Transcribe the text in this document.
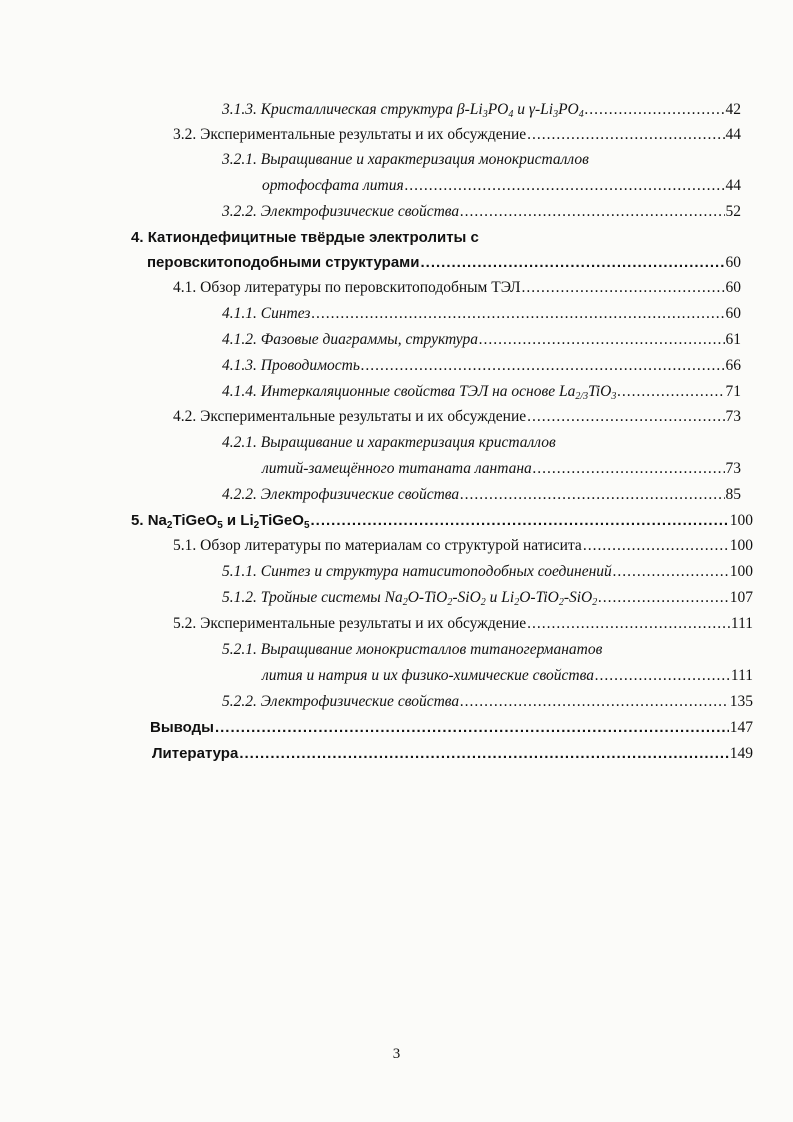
3.1.3. Кристаллическая структура $\beta-Li_3PO_4$ и $\gamma-Li_3PO_4$ .....	42
3.2. Экспериментальные результаты и их обсуждение .....	44
3.2.1. Выращивание и характеризация монокристаллов
ортофосфата лития .....	44
3.2.2. Электрофизические свойства .....	52
4. Катиондефицитные твёрдые электролиты с
перовскитоподобными структурами .....	60
4.1. Обзор литературы по перовскитоподобным ТЭЛ .....	60
4.1.1. Синтез .....	60
4.1.2. Фазовые диаграммы, структура .....	61
4.1.3. Проводимость .....	66
4.1.4. Интеркаляционные свойства ТЭЛ на основе $La_{2/3}TiO_3$ .....	71
4.2. Экспериментальные результаты и их обсуждение .....	73
4.2.1. Выращивание и характеризация кристаллов
литий-замещённого титаната лантана .....	73
4.2.2. Электрофизические свойства .....	85
5. $Na_2TiGeO_5$ и $Li_2TiGeO_5$ .....	100
5.1. Обзор литературы по материалам со структурой натисита .....	100
5.1.1. Синтез и структура натиситоподобных соединений .....	100
5.1.2. Тройные системы $Na_2O-TiO_2-SiO_2$ и $Li_2O-TiO_2-SiO_2$ .....	107
5.2. Экспериментальные результаты и их обсуждение .....	111
5.2.1. Выращивание монокристаллов титаногерманатов
лития и натрия и их физико-химические свойства .....	111
5.2.2. Электрофизические свойства .....	135
Выводы .....	147
Литература .....	149
3
